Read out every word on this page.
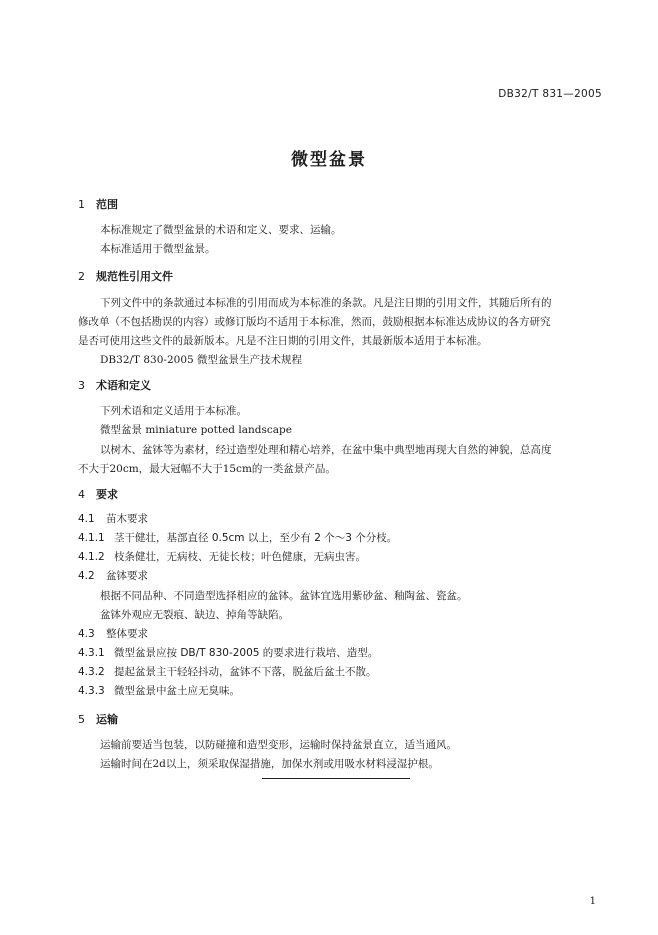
DB32/T 831—2005
微型盆景
1 范围
本标准规定了微型盆景的术语和定义、要求、运输。
本标准适用于微型盆景。
2 规范性引用文件
下列文件中的条款通过本标准的引用而成为本标准的条款。凡是注日期的引用文件，其随后所有的
修改单（不包括勘误的内容）或修订版均不适用于本标准，然而，鼓励根据本标准达成协议的各方研究
是否可使用这些文件的最新版本。凡是不注日期的引用文件，其最新版本适用于本标准。
DB32/T 830-2005 微型盆景生产技术规程
3 术语和定义
下列术语和定义适用于本标准。
微型盆景 miniature potted landscape
以树木、盆钵等为素材，经过造型处理和精心培养，在盆中集中典型地再现大自然的神貌，总高度
不大于20cm，最大冠幅不大于15cm的一类盆景产品。
4 要求
4.1 苗木要求
4.1.1 茎干健壮，基部直径 0.5cm 以上，至少有 2 个～3 个分枝。
4.1.2 枝条健壮，无病枝、无徒长枝；叶色健康，无病虫害。
4.2 盆钵要求
根据不同品种、不同造型选择相应的盆钵。盆钵宜选用紫砂盆、釉陶盆、瓷盆。
盆钵外观应无裂痕、缺边、掉角等缺陷。
4.3 整体要求
4.3.1 微型盆景应按 DB/T 830-2005 的要求进行栽培、造型。
4.3.2 提起盆景主干轻轻抖动，盆钵不下落，脱盆后盆土不散。
4.3.3 微型盆景中盆土应无臭味。
5 运输
运输前要适当包装，以防碰撞和造型变形，运输时保持盆景直立，适当通风。
运输时间在2d以上，须采取保湿措施，加保水剂或用吸水材料浸湿护根。
1
